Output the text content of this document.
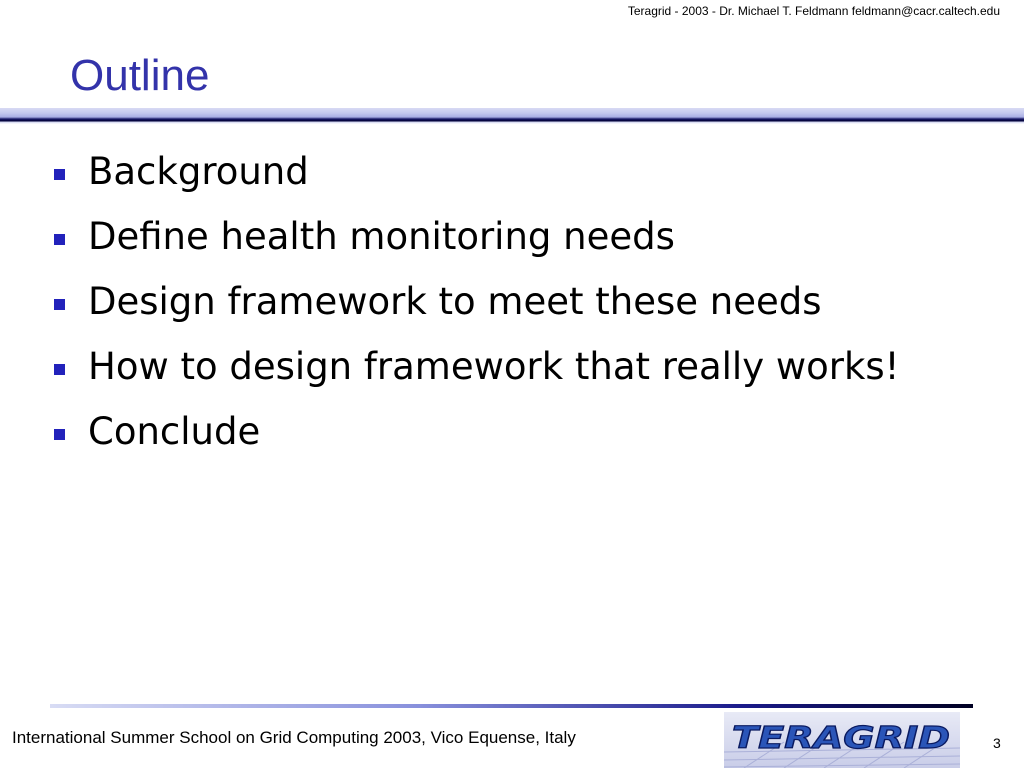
Teragrid - 2003 - Dr. Michael T. Feldmann feldmann@cacr.caltech.edu
Outline
Background
Define health monitoring needs
Design framework to meet these needs
How to design framework that really works!
Conclude
International Summer School on Grid Computing 2003, Vico Equense, Italy	TERAGRID	3
